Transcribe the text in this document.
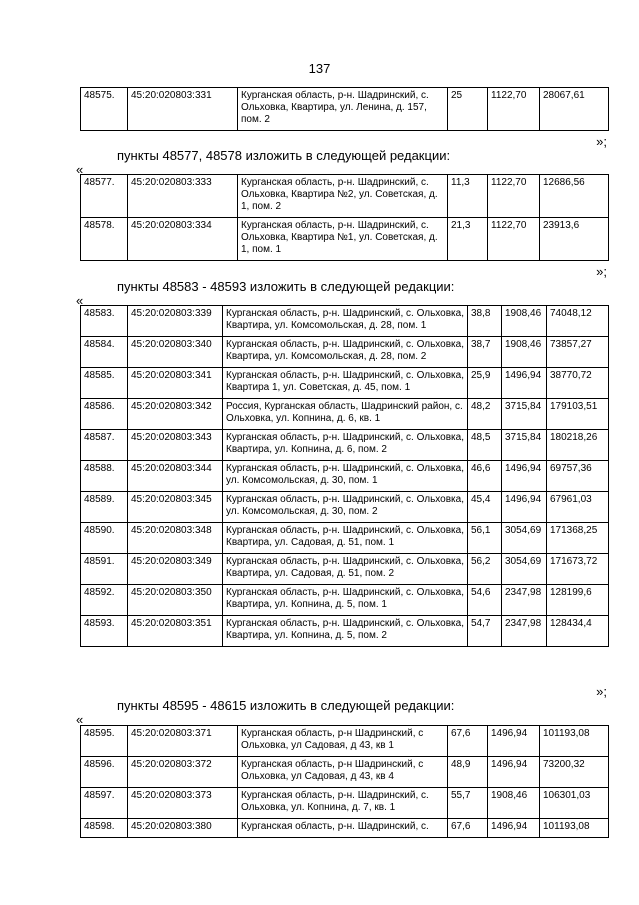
137
48575.	45:20:020803:331	Курганская область, р-н. Шадринский, с. Ольховка, Квартира, ул. Ленина, д. 157, пом. 2	25	1122,70	28067,61
»;
пункты 48577, 48578 изложить в следующей редакции:
«
48577.	45:20:020803:333	Курганская область, р-н. Шадринский, с. Ольховка, Квартира №2, ул. Советская, д. 1, пом. 2	11,3	1122,70	12686,56
48578.	45:20:020803:334	Курганская область, р-н. Шадринский, с. Ольховка, Квартира №1, ул. Советская, д. 1, пом. 1	21,3	1122,70	23913,6
»;
пункты 48583 - 48593 изложить в следующей редакции:
«
48583.	45:20:020803:339	Курганская область, р-н. Шадринский, с. Ольховка, Квартира, ул. Комсомольская, д. 28, пом. 1	38,8	1908,46	74048,12
48584.	45:20:020803:340	Курганская область, р-н. Шадринский, с. Ольховка, Квартира, ул. Комсомольская, д. 28, пом. 2	38,7	1908,46	73857,27
48585.	45:20:020803:341	Курганская область, р-н. Шадринский, с. Ольховка, Квартира 1, ул. Советская, д. 45, пом. 1	25,9	1496,94	38770,72
48586.	45:20:020803:342	Россия, Курганская область, Шадринский район, с. Ольховка, ул. Копнина, д. 6, кв. 1	48,2	3715,84	179103,51
48587.	45:20:020803:343	Курганская область, р-н. Шадринский, с. Ольховка, Квартира, ул. Копнина, д. 6, пом. 2	48,5	3715,84	180218,26
48588.	45:20:020803:344	Курганская область, р-н. Шадринский, с. Ольховка, ул. Комсомольская, д. 30, пом. 1	46,6	1496,94	69757,36
48589.	45:20:020803:345	Курганская область, р-н. Шадринский, с. Ольховка, ул. Комсомольская, д. 30, пом. 2	45,4	1496,94	67961,03
48590.	45:20:020803:348	Курганская область, р-н. Шадринский, с. Ольховка, Квартира, ул. Садовая, д. 51, пом. 1	56,1	3054,69	171368,25
48591.	45:20:020803:349	Курганская область, р-н. Шадринский, с. Ольховка, Квартира, ул. Садовая, д. 51, пом. 2	56,2	3054,69	171673,72
48592.	45:20:020803:350	Курганская область, р-н. Шадринский, с. Ольховка, Квартира, ул. Копнина, д. 5, пом. 1	54,6	2347,98	128199,6
48593.	45:20:020803:351	Курганская область, р-н. Шадринский, с. Ольховка, Квартира, ул. Копнина, д. 5, пом. 2	54,7	2347,98	128434,4
»;
пункты 48595 - 48615 изложить в следующей редакции:
«
48595.	45:20:020803:371	Курганская область, р-н Шадринский, с Ольховка, ул Садовая, д 43, кв 1	67,6	1496,94	101193,08
48596.	45:20:020803:372	Курганская область, р-н Шадринский, с Ольховка, ул Садовая, д 43, кв 4	48,9	1496,94	73200,32
48597.	45:20:020803:373	Курганская область, р-н. Шадринский, с. Ольховка, ул. Копнина, д. 7, кв. 1	55,7	1908,46	106301,03
48598.	45:20:020803:380	Курганская область, р-н. Шадринский, с.	67,6	1496,94	101193,08
